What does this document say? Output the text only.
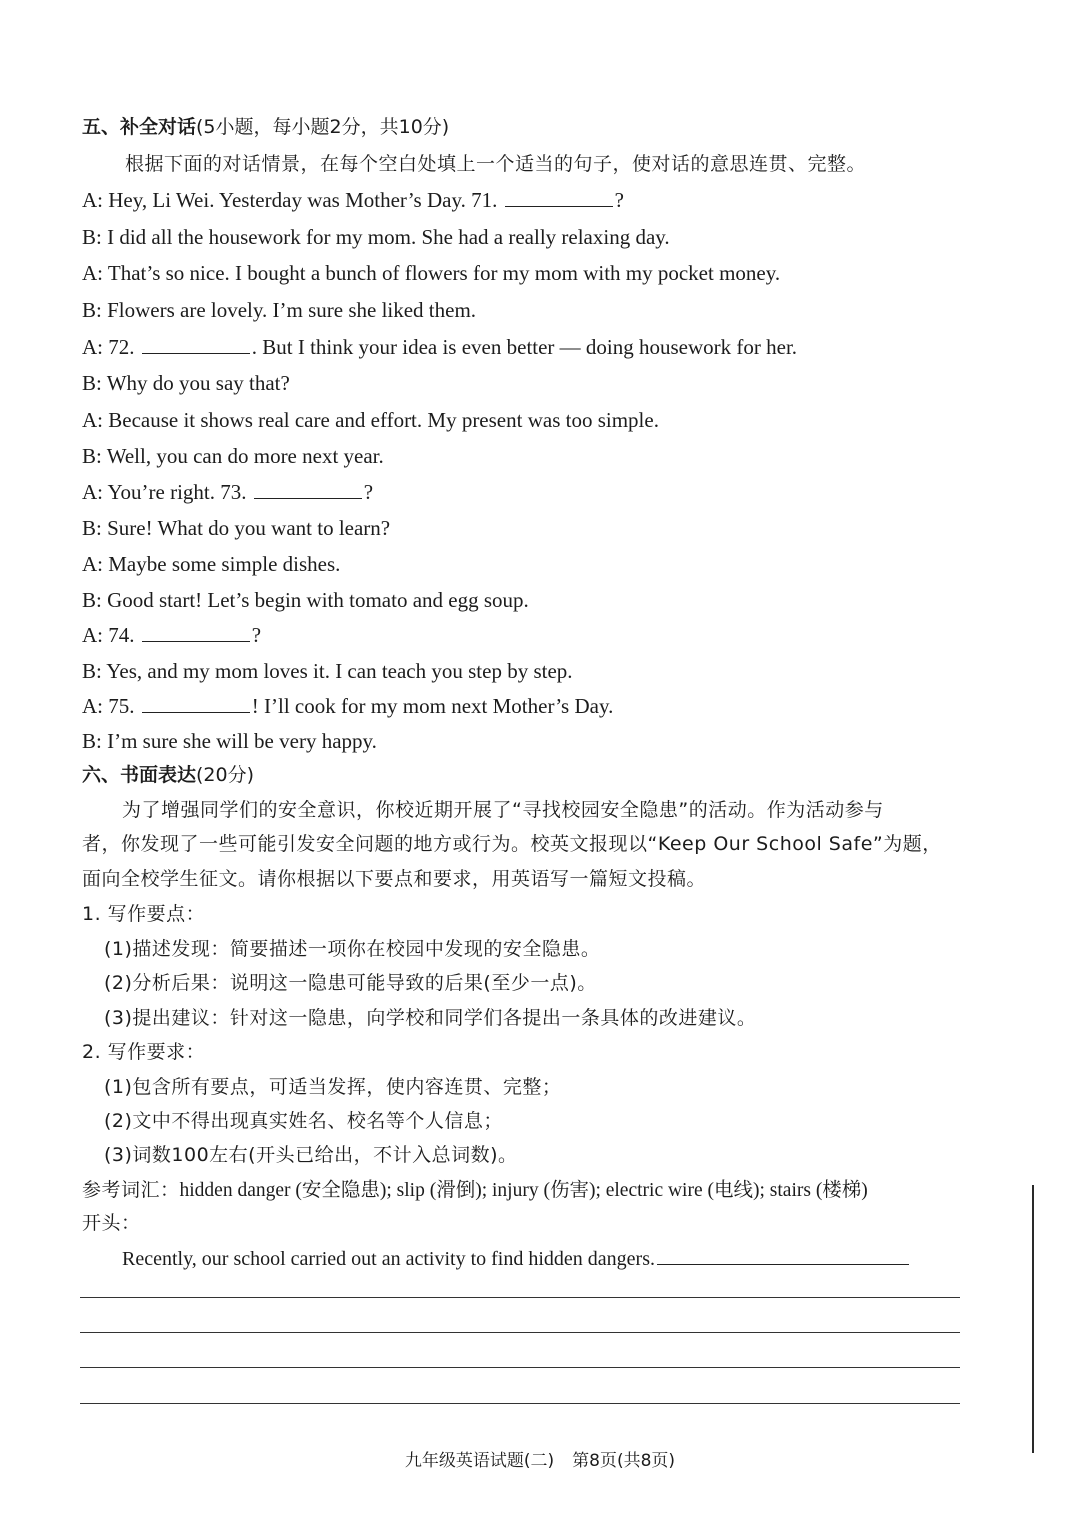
五、补全对话(5小题，每小题2分，共10分)
根据下面的对话情景，在每个空白处填上一个适当的句子，使对话的意思连贯、完整。
A: Hey, Li Wei. Yesterday was Mother’s Day. 71.	?
B: I did all the housework for my mom. She had a really relaxing day.
A: That’s so nice. I bought a bunch of flowers for my mom with my pocket money.
B: Flowers are lovely. I’m sure she liked them.
A: 72.	. But I think your idea is even better — doing housework for her.
B: Why do you say that?
A: Because it shows real care and effort. My present was too simple.
B: Well, you can do more next year.
A: You’re right. 73.	?
B: Sure! What do you want to learn?
A: Maybe some simple dishes.
B: Good start! Let’s begin with tomato and egg soup.
A: 74.	?
B: Yes, and my mom loves it. I can teach you step by step.
A: 75.	! I’ll cook for my mom next Mother’s Day.
B: I’m sure she will be very happy.
六、书面表达(20分)
为了增强同学们的安全意识，你校近期开展了“寻找校园安全隐患”的活动。作为活动参与
者，你发现了一些可能引发安全问题的地方或行为。校英文报现以“Keep Our School Safe”为题，
面向全校学生征文。请你根据以下要点和要求，用英语写一篇短文投稿。
1. 写作要点：
(1)描述发现：简要描述一项你在校园中发现的安全隐患。
(2)分析后果：说明这一隐患可能导致的后果(至少一点)。
(3)提出建议：针对这一隐患，向学校和同学们各提出一条具体的改进建议。
2. 写作要求：
(1)包含所有要点，可适当发挥，使内容连贯、完整；
(2)文中不得出现真实姓名、校名等个人信息；
(3)词数100左右(开头已给出，不计入总词数)。
参考词汇：hidden danger (安全隐患); slip (滑倒); injury (伤害); electric wire (电线); stairs (楼梯)
开头：
Recently, our school carried out an activity to find hidden dangers.
九年级英语试题(二) 第8页(共8页)
